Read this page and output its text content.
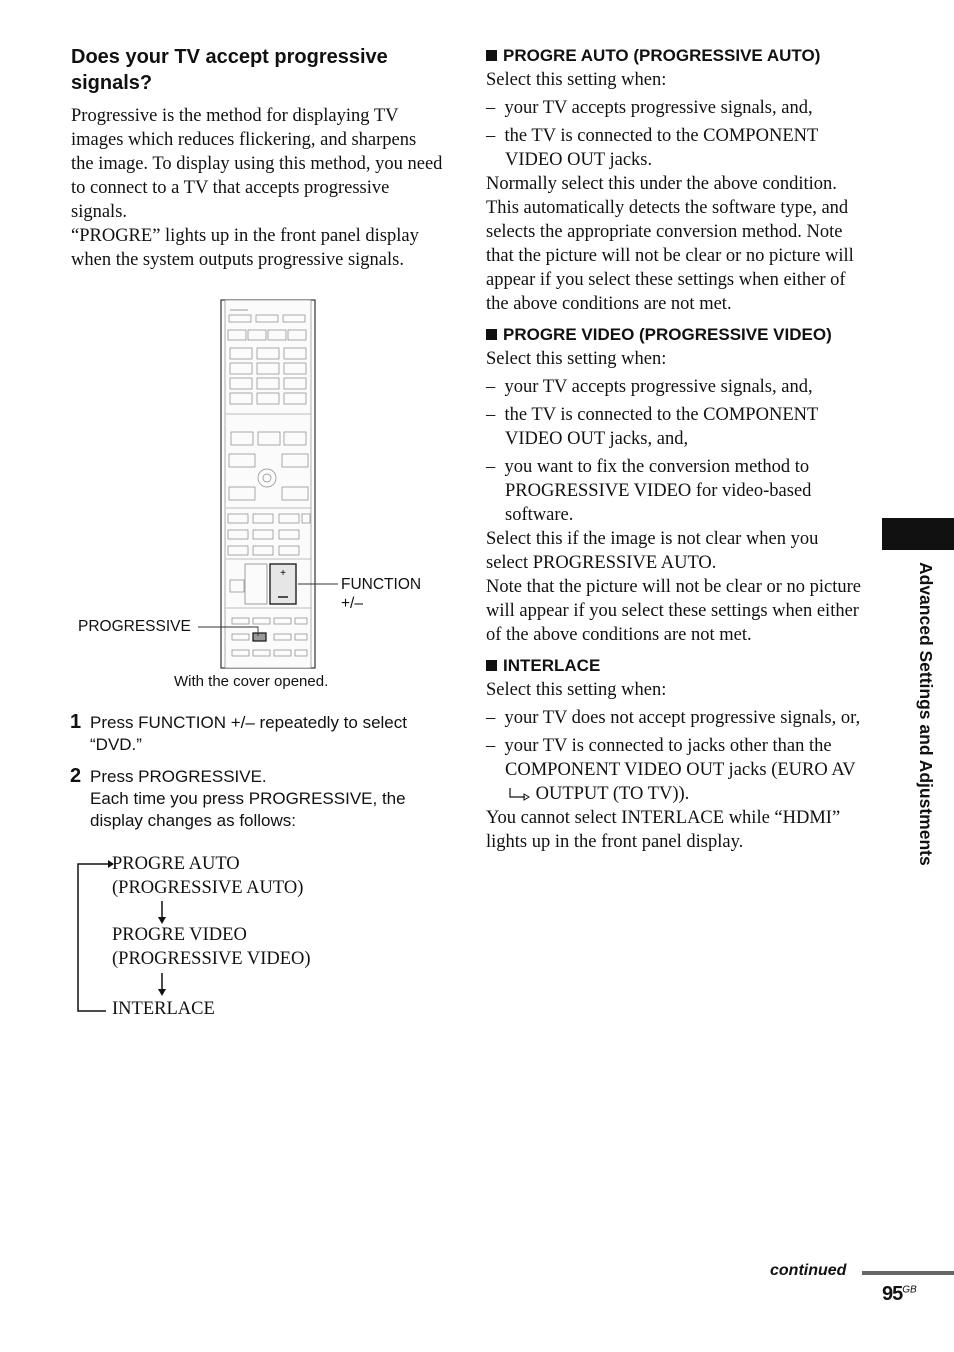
Does your TV accept progressive signals?

Progressive is the method for displaying TV images which reduces flickering, and sharpens the image. To display using this method, you need to connect to a TV that accepts progressive signals.

“PROGRE” lights up in the front panel display when the system outputs progressive signals.

+
FUNCTION
+/–
PROGRESSIVE
With the cover opened.
1 Press FUNCTION +/– repeatedly to select “DVD.”
2 Press PROGRESSIVE.
Each time you press PROGRESSIVE, the display changes as follows:
PROGRE AUTO
(PROGRESSIVE AUTO)
PROGRE VIDEO
(PROGRESSIVE VIDEO)
INTERLACE
PROGRE AUTO (PROGRESSIVE AUTO)

Select this setting when:

–  your TV accepts progressive signals, and,

–  the TV is connected to the COMPONENT VIDEO OUT jacks.

Normally select this under the above condition. This automatically detects the software type, and selects the appropriate conversion method. Note that the picture will not be clear or no picture will appear if you select these settings when either of the above conditions are not met.

PROGRE VIDEO (PROGRESSIVE VIDEO)

Select this setting when:

–  your TV accepts progressive signals, and,

–  the TV is connected to the COMPONENT VIDEO OUT jacks, and,

–  you want to fix the conversion method to PROGRESSIVE VIDEO for video-based software.

Select this if the image is not clear when you select PROGRESSIVE AUTO.

Note that the picture will not be clear or no picture will appear if you select these settings when either of the above conditions are not met.

INTERLACE

Select this setting when:

–  your TV does not accept progressive signals, or,

–  your TV is connected to jacks other than the COMPONENT VIDEO OUT jacks (EURO AV  OUTPUT (TO TV)).

You cannot select INTERLACE while “HDMI” lights up in the front panel display.	Advanced Settings and Adjustments
continued
$95^{GB}$
